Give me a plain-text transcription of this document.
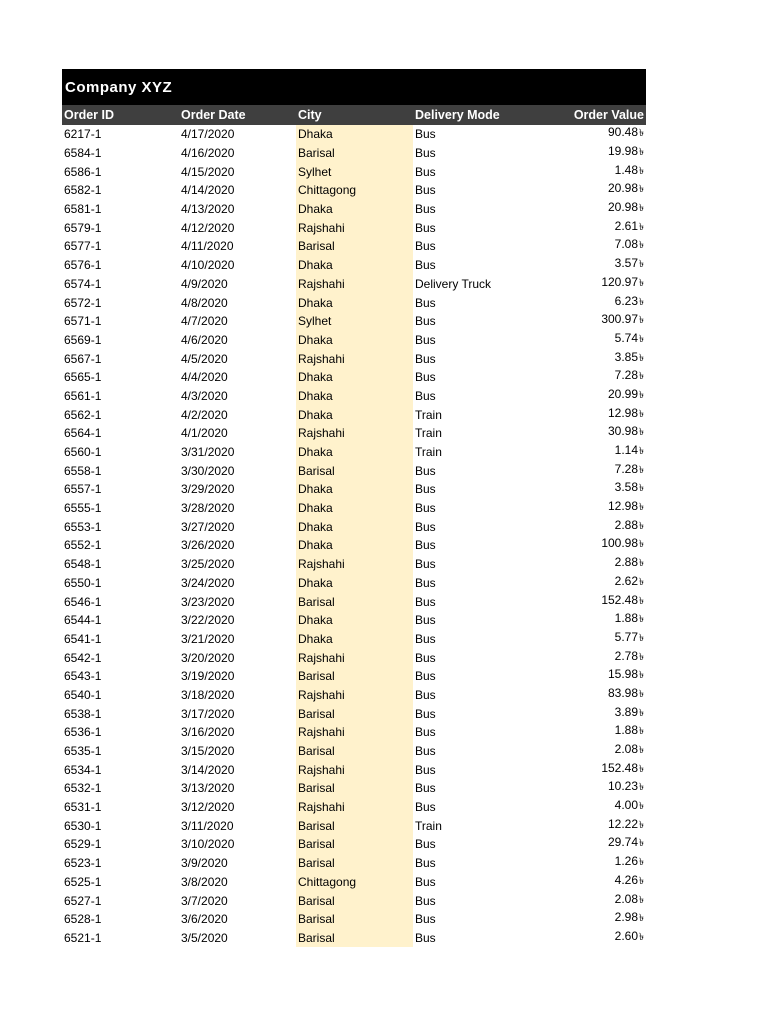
Company XYZ
Order ID	Order Date	City	Delivery Mode	Order Value
6217-1	4/17/2020	Dhaka	Bus	90.48৳
6584-1	4/16/2020	Barisal	Bus	19.98৳
6586-1	4/15/2020	Sylhet	Bus	1.48৳
6582-1	4/14/2020	Chittagong	Bus	20.98৳
6581-1	4/13/2020	Dhaka	Bus	20.98৳
6579-1	4/12/2020	Rajshahi	Bus	2.61৳
6577-1	4/11/2020	Barisal	Bus	7.08৳
6576-1	4/10/2020	Dhaka	Bus	3.57৳
6574-1	4/9/2020	Rajshahi	Delivery Truck	120.97৳
6572-1	4/8/2020	Dhaka	Bus	6.23৳
6571-1	4/7/2020	Sylhet	Bus	300.97৳
6569-1	4/6/2020	Dhaka	Bus	5.74৳
6567-1	4/5/2020	Rajshahi	Bus	3.85৳
6565-1	4/4/2020	Dhaka	Bus	7.28৳
6561-1	4/3/2020	Dhaka	Bus	20.99৳
6562-1	4/2/2020	Dhaka	Train	12.98৳
6564-1	4/1/2020	Rajshahi	Train	30.98৳
6560-1	3/31/2020	Dhaka	Train	1.14৳
6558-1	3/30/2020	Barisal	Bus	7.28৳
6557-1	3/29/2020	Dhaka	Bus	3.58৳
6555-1	3/28/2020	Dhaka	Bus	12.98৳
6553-1	3/27/2020	Dhaka	Bus	2.88৳
6552-1	3/26/2020	Dhaka	Bus	100.98৳
6548-1	3/25/2020	Rajshahi	Bus	2.88৳
6550-1	3/24/2020	Dhaka	Bus	2.62৳
6546-1	3/23/2020	Barisal	Bus	152.48৳
6544-1	3/22/2020	Dhaka	Bus	1.88৳
6541-1	3/21/2020	Dhaka	Bus	5.77৳
6542-1	3/20/2020	Rajshahi	Bus	2.78৳
6543-1	3/19/2020	Barisal	Bus	15.98৳
6540-1	3/18/2020	Rajshahi	Bus	83.98৳
6538-1	3/17/2020	Barisal	Bus	3.89৳
6536-1	3/16/2020	Rajshahi	Bus	1.88৳
6535-1	3/15/2020	Barisal	Bus	2.08৳
6534-1	3/14/2020	Rajshahi	Bus	152.48৳
6532-1	3/13/2020	Barisal	Bus	10.23৳
6531-1	3/12/2020	Rajshahi	Bus	4.00৳
6530-1	3/11/2020	Barisal	Train	12.22৳
6529-1	3/10/2020	Barisal	Bus	29.74৳
6523-1	3/9/2020	Barisal	Bus	1.26৳
6525-1	3/8/2020	Chittagong	Bus	4.26৳
6527-1	3/7/2020	Barisal	Bus	2.08৳
6528-1	3/6/2020	Barisal	Bus	2.98৳
6521-1	3/5/2020	Barisal	Bus	2.60৳
